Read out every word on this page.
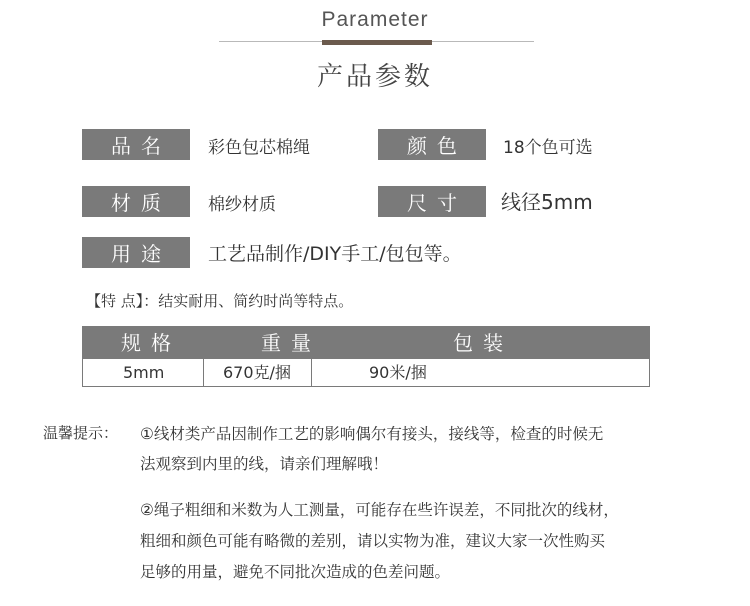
Parameter
产品参数
品名	彩色包芯棉绳	颜色	18个色可选
材质	棉纱材质	尺寸	线径5mm
用途	工艺品制作/DIY手工/包包等。
【特 点】：结实耐用、简约时尚等特点。
规格	重量	包装
5mm	670克/捆	90米/捆
温馨提示： ①线材类产品因制作工艺的影响偶尔有接头，接线等，检查的时候无
法观察到内里的线，请亲们理解哦！
②绳子粗细和米数为人工测量，可能存在些许误差，不同批次的线材，
粗细和颜色可能有略微的差别，请以实物为准，建议大家一次性购买
足够的用量，避免不同批次造成的色差问题。
